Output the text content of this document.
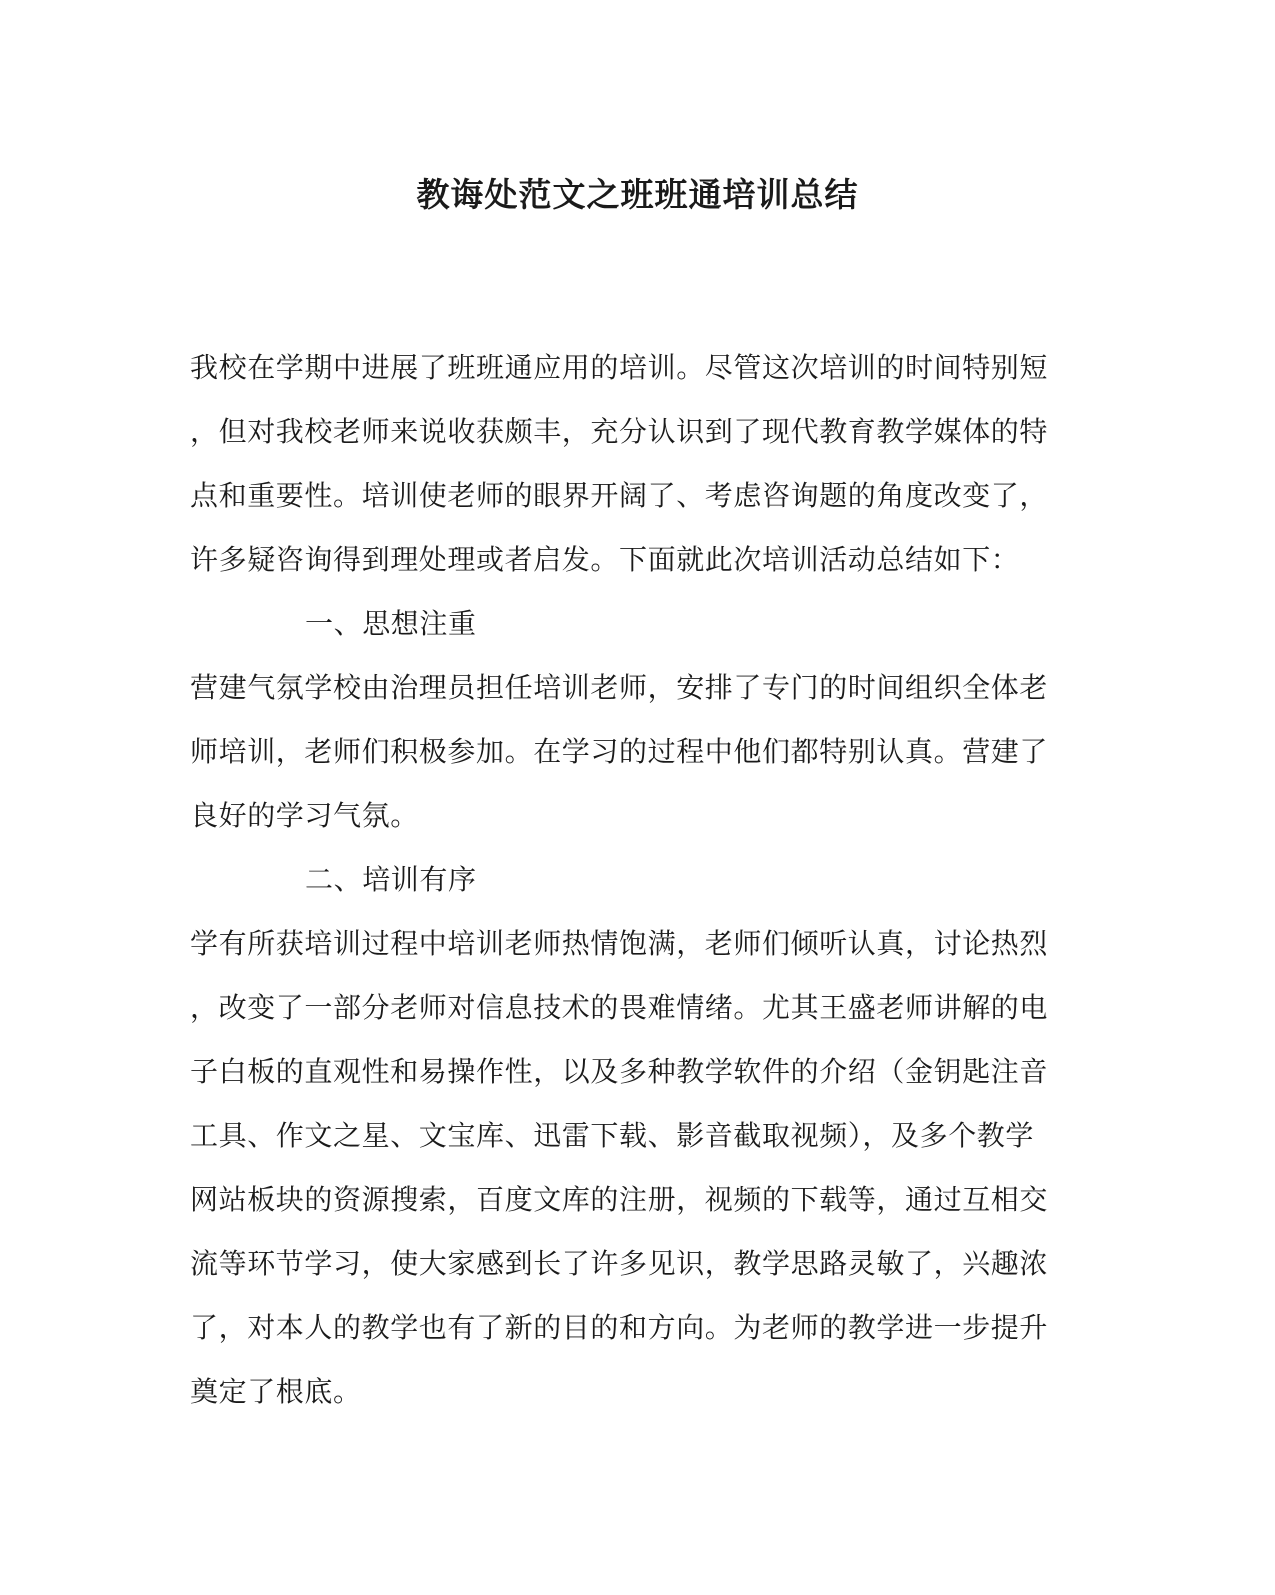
教诲处范文之班班通培训总结
我校在学期中进展了班班通应用的培训。尽管这次培训的时间特别短
，但对我校老师来说收获颇丰，充分认识到了现代教育教学媒体的特
点和重要性。培训使老师的眼界开阔了、考虑咨询题的角度改变了，
许多疑咨询得到理处理或者启发。下面就此次培训活动总结如下：
一、思想注重
营建气氛学校由治理员担任培训老师，安排了专门的时间组织全体老
师培训，老师们积极参加。在学习的过程中他们都特别认真。营建了
良好的学习气氛。
二、培训有序
学有所获培训过程中培训老师热情饱满，老师们倾听认真，讨论热烈
，改变了一部分老师对信息技术的畏难情绪。尤其王盛老师讲解的电
子白板的直观性和易操作性，以及多种教学软件的介绍（金钥匙注音
工具、作文之星、文宝库、迅雷下载、影音截取视频），及多个教学
网站板块的资源搜索，百度文库的注册，视频的下载等，通过互相交
流等环节学习，使大家感到长了许多见识，教学思路灵敏了，兴趣浓
了，对本人的教学也有了新的目的和方向。为老师的教学进一步提升
奠定了根底。
